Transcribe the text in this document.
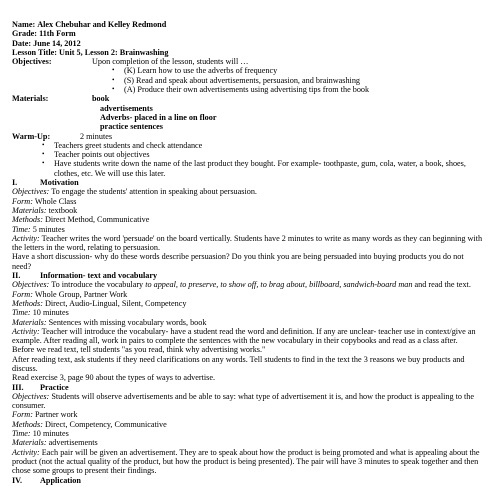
Name: Alex Chebuhar and Kelley Redmond

Grade: 11th Form

Date: June 14, 2012

Lesson Title: Unit 5, Lesson 2: Brainwashing

Objectives:	Upon completion of the lesson, students will …
• (K) Learn how to use the adverbs of frequency
• (S) Read and speak about advertisements, persuasion, and brainwashing
• (A) Produce their own advertisements using advertising tips from the book
Materials:	book

advertisements

Adverbs- placed in a line on floor

practice sentences

Warm-Up:	2 minutes
• Teachers greet students and check attendance
• Teacher points out objectives
• Have students write down the name of the last product they bought. For example- toothpaste, gum, cola, water, a book, shoes, clothes, etc. We will use this later.
I.	Motivation

Objectives: To engage the students' attention in speaking about persuasion.

Form: Whole Class

Materials: textbook

Methods: Direct Method, Communicative

Time: 5 minutes

Activity: Teacher writes the word 'persuade' on the board vertically. Students have 2 minutes to write as many words as they can beginning with the letters in the word, relating to persuasion.

Have a short discussion- why do these words describe persuasion? Do you think you are being persuaded into buying products you do not need?

II.	Information- text and vocabulary

Objectives: To introduce the vocabulary to appeal, to preserve, to show off, to brag about, billboard, sandwich-board man and read the text.

Form: Whole Group, Partner Work

Methods: Direct, Audio-Lingual, Silent, Competency

Time: 10 minutes

Materials: Sentences with missing vocabulary words, book

Activity: Teacher will introduce the vocabulary- have a student read the word and definition. If any are unclear- teacher use in context/give an example. After reading all, work in pairs to complete the sentences with the new vocabulary in their copybooks and read as a class after.

Before we read text, tell students "as you read, think why advertising works."

After reading text, ask students if they need clarifications on any words. Tell students to find in the text the 3 reasons we buy products and discuss.

Read exercise 3, page 90 about the types of ways to advertise.

III.	Practice

Objectives: Students will observe advertisements and be able to say: what type of advertisement it is, and how the product is appealing to the consumer.

Form: Partner work

Methods: Direct, Competency, Communicative

Time: 10 minutes

Materials: advertisements

Activity: Each pair will be given an advertisement. They are to speak about how the product is being promoted and what is appealing about the product (not the actual quality of the product, but how the product is being presented). The pair will have 3 minutes to speak together and then chose some groups to present their findings.

IV.	Application
